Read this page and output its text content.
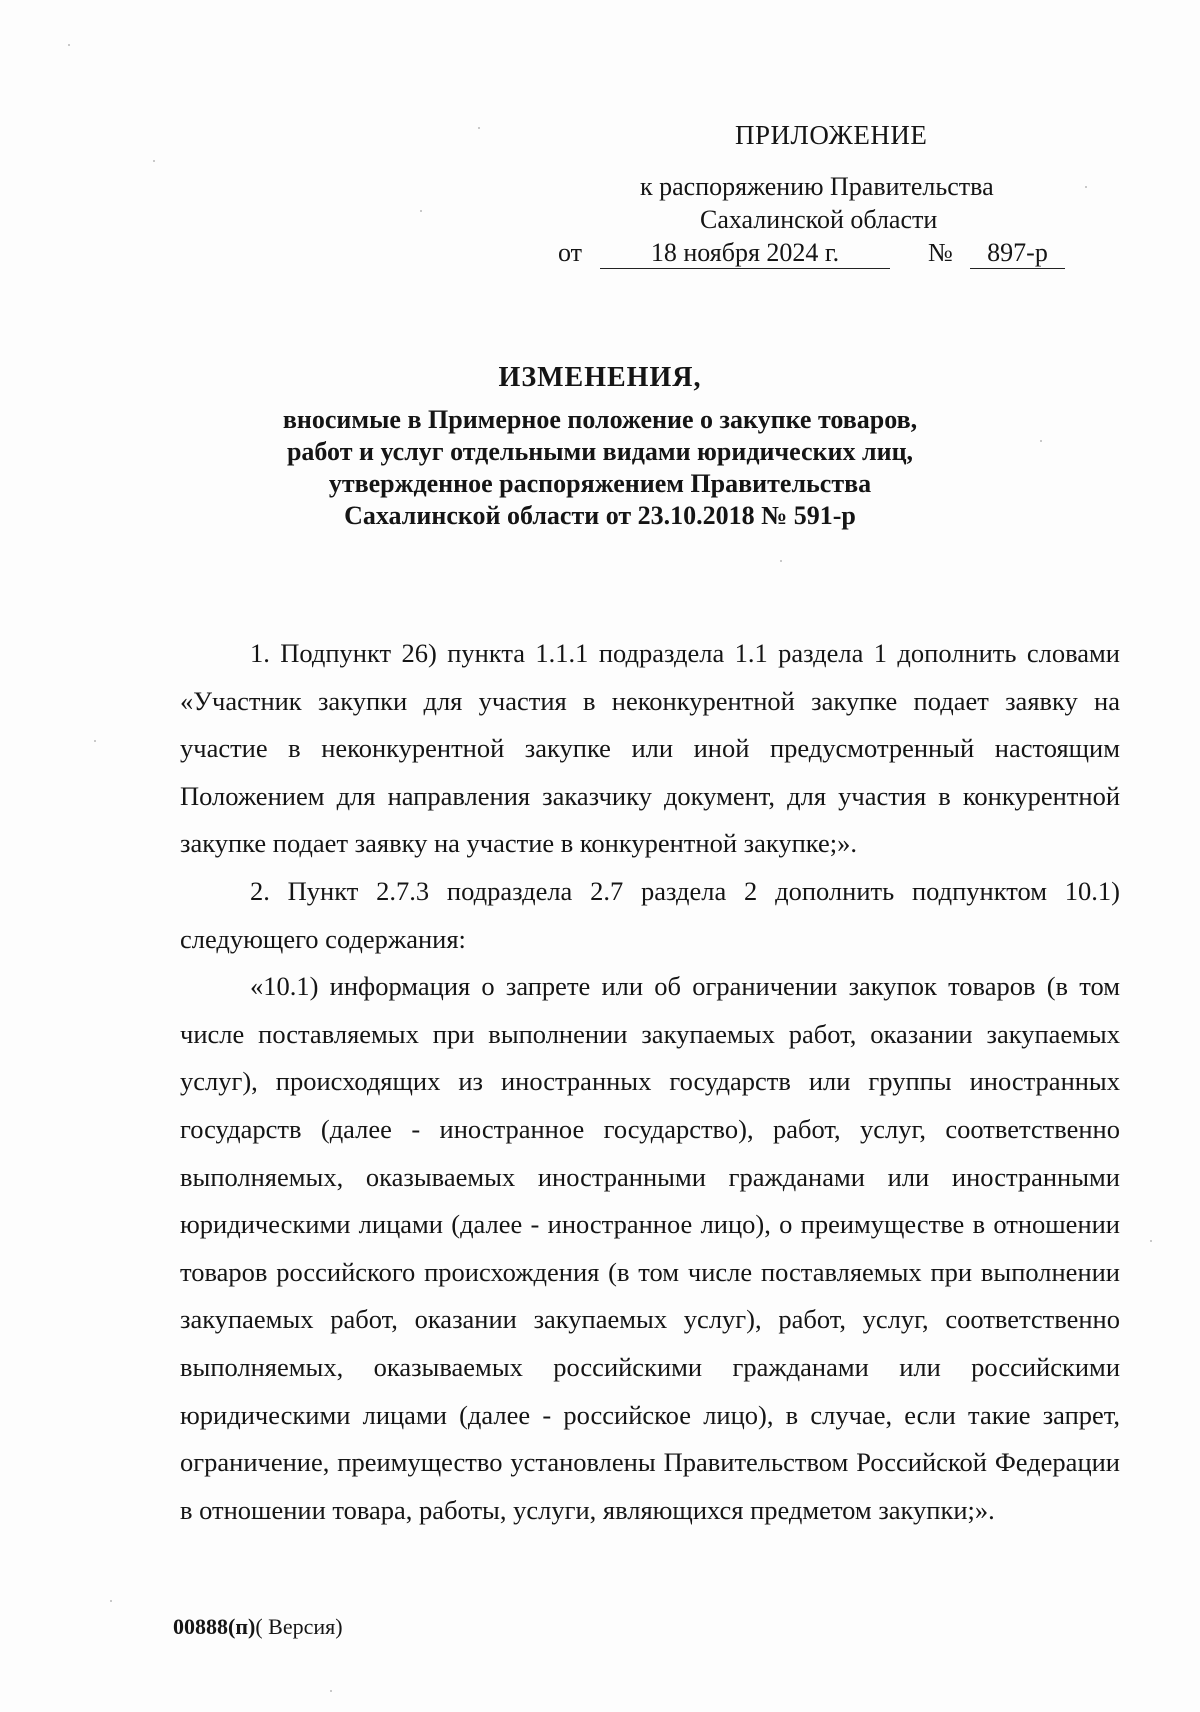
ПРИЛОЖЕНИЕ
к распоряжению Правительства
Сахалинской области
от	18 ноября 2024 г.	№	897-р
ИЗМЕНЕНИЯ,
вносимые в Примерное положение о закупке товаров,
работ и услуг отдельными видами юридических лиц,
утвержденное распоряжением Правительства
Сахалинской области от 23.10.2018 № 591-р

1. Подпункт 26) пункта 1.1.1 подраздела 1.1 раздела 1 дополнить словами «Участник закупки для участия в неконкурентной закупке подает заявку на участие в неконкурентной закупке или иной предусмотренный настоящим Положением для направления заказчику документ, для участия в конкурентной закупке подает заявку на участие в конкурентной закупке;».

2. Пункт 2.7.3 подраздела 2.7 раздела 2 дополнить подпунктом 10.1) следующего содержания:

«10.1) информация о запрете или об ограничении закупок товаров (в том числе поставляемых при выполнении закупаемых работ, оказании закупаемых услуг), происходящих из иностранных государств или группы иностранных государств (далее - иностранное государство), работ, услуг, соответственно выполняемых, оказываемых иностранными гражданами или иностранными юридическими лицами (далее - иностранное лицо), о преимуществе в отношении товаров российского происхождения (в том числе поставляемых при выполнении закупаемых работ, оказании закупаемых услуг), работ, услуг, соответственно выполняемых, оказываемых российскими гражданами или российскими юридическими лицами (далее - российское лицо), в случае, если такие запрет, ограничение, преимущество установлены Правительством Российской Федерации в отношении товара, работы, услуги, являющихся предметом закупки;».

00888(п)( Версия)
